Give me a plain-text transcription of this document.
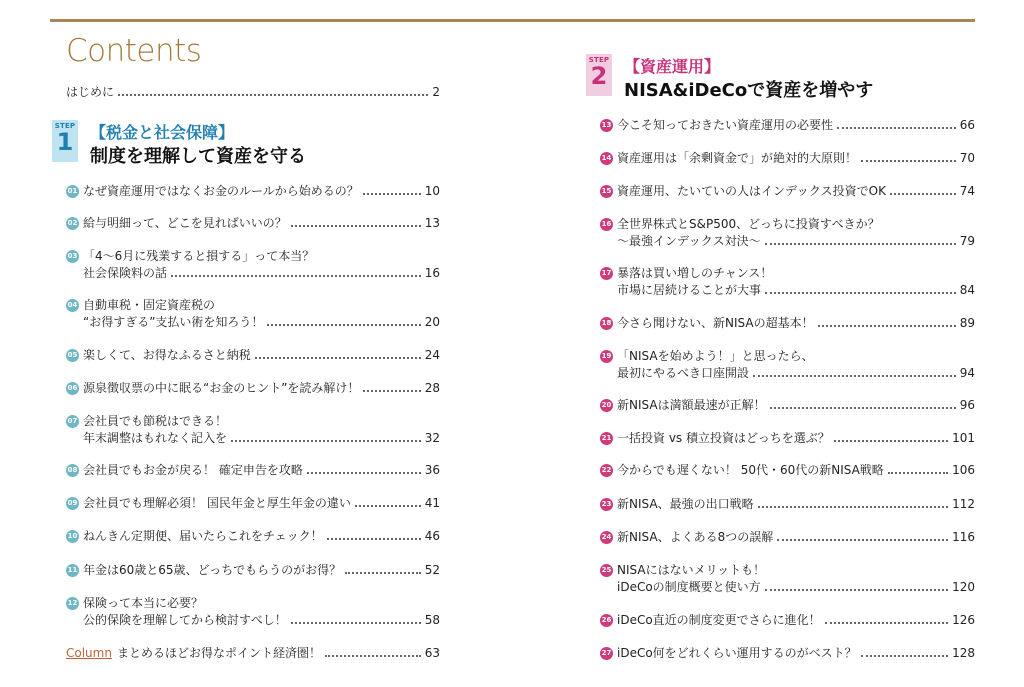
Contents
はじめに	2
STEP
1 【税金と社会保障】
制度を理解して資産を守る
STEP
2 【資産運用】
NISA&iDeCoで資産を増やす
01 なぜ資産運用ではなくお金のルールから始めるの？	10
02 給与明細って、どこを見ればいいの？	13
03 「4〜6月に残業すると損する」って本当？
社会保険料の話	16
04 自動車税・固定資産税の
“お得すぎる”支払い術を知ろう！	20
05 楽しくて、お得なふるさと納税	24
06 源泉徴収票の中に眠る“お金のヒント”を読み解け！	28
07 会社員でも節税はできる！
年末調整はもれなく記入を	32
08 会社員でもお金が戻る！ 確定申告を攻略	36
09 会社員でも理解必須！ 国民年金と厚生年金の違い	41
10 ねんきん定期便、届いたらこれをチェック！	46
11 年金は60歳と65歳、どっちでもらうのがお得？	52
12 保険って本当に必要？
公的保険を理解してから検討すべし！	58
13 今こそ知っておきたい資産運用の必要性	66
14 資産運用は「余剰資金で」が絶対的大原則！	70
15 資産運用、たいていの人はインデックス投資でOK	74
16 全世界株式とS&P500、どっちに投資すべきか？
〜最強インデックス対決〜	79
17 暴落は買い増しのチャンス！
市場に居続けることが大事	84
18 今さら聞けない、新NISAの超基本！	89
19 「NISAを始めよう！」と思ったら、
最初にやるべき口座開設	94
20 新NISAは満額最速が正解！	96
21 一括投資 vs 積立投資はどっちを選ぶ？	101
22 今からでも遅くない！ 50代・60代の新NISA戦略	106
23 新NISA、最強の出口戦略	112
24 新NISA、よくある8つの誤解	116
25 NISAにはないメリットも！
iDeCoの制度概要と使い方	120
26 iDeCo直近の制度変更でさらに進化！	126
27 iDeCo何をどれくらい運用するのがベスト？	128
Column まとめるほどお得なポイント経済圏！	63
